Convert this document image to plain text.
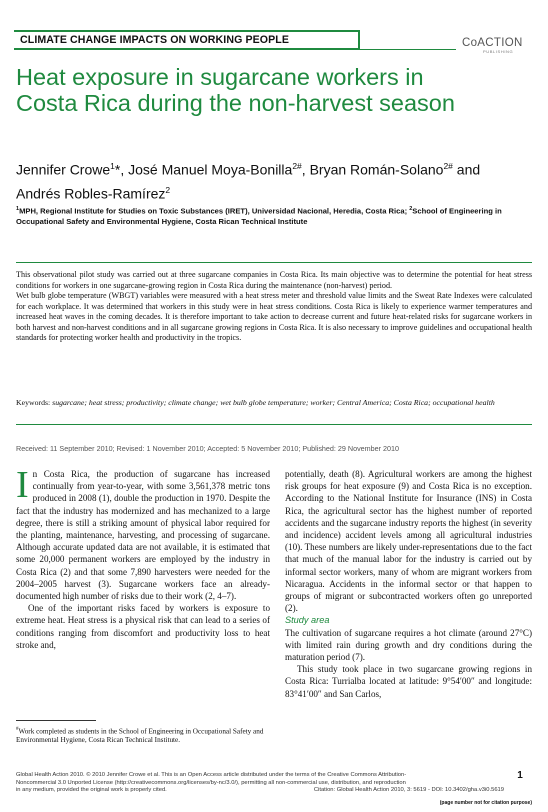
CLIMATE CHANGE IMPACTS ON WORKING PEOPLE	CoACTION
PUBLISHING
Heat exposure in sugarcane workers in Costa Rica during the non-harvest season
Jennifer Crowe$^1$*, José Manuel Moya-Bonilla$^{2\#}$, Bryan Román-Solano$^{2\#}$ and Andrés Robles-Ramírez$^2$
$^1$MPH, Regional Institute for Studies on Toxic Substances (IRET), Universidad Nacional, Heredia, Costa Rica; $^2$School of Engineering in Occupational Safety and Environmental Hygiene, Costa Rican Technical Institute

This observational pilot study was carried out at three sugarcane companies in Costa Rica. Its main objective was to determine the potential for heat stress conditions for workers in one sugarcane-growing region in Costa Rica during the maintenance (non-harvest) period.

Wet bulb globe temperature (WBGT) variables were measured with a heat stress meter and threshold value limits and the Sweat Rate Indexes were calculated for each workplace. It was determined that workers in this study were in heat stress conditions. Costa Rica is likely to experience warmer temperatures and increased heat waves in the coming decades. It is therefore important to take action to decrease current and future heat-related risks for sugarcane workers in both harvest and non-harvest conditions and in all sugarcane growing regions in Costa Rica. It is also necessary to improve guidelines and occupational health standards for protecting worker health and productivity in the tropics.

Keywords: sugarcane; heat stress; productivity; climate change; wet bulb globe temperature; worker; Central America; Costa Rica; occupational health
Received: 11 September 2010; Revised: 1 November 2010; Accepted: 5 November 2010; Published: 29 November 2010
I n Costa Rica, the production of sugarcane has increased continually from year-to-year, with some 3,561,378 metric tons produced in 2008 (1), double the production in 1970. Despite the fact that the industry has modernized and has mechanized to a large degree, there is still a striking amount of physical labor required for the planting, maintenance, harvesting, and processing of sugarcane. Although accurate updated data are not available, it is estimated that some 20,000 permanent workers are employed by the industry in Costa Rica (2) and that some 7,890 harvesters were needed for the 2004–2005 harvest (3). Sugarcane workers face an already-documented high number of risks due to their work (2, 4–7).

One of the important risks faced by workers is exposure to extreme heat. Heat stress is a physical risk that can lead to a series of conditions ranging from discomfort and productivity loss to heat stroke and,

#Work completed as students in the School of Engineering in Occupational Safety and Environmental Hygiene, Costa Rican Technical Institute.

potentially, death (8). Agricultural workers are among the highest risk groups for heat exposure (9) and Costa Rica is no exception. According to the National Institute for Insurance (INS) in Costa Rica, the agricultural sector has the highest number of reported accidents and the sugarcane industry reports the highest (in severity and incidence) accident levels among all agricultural industries (10). These numbers are likely under-representations due to the fact that much of the manual labor for the industry is carried out by informal sector workers, many of whom are migrant workers from Nicaragua. Accidents in the informal sector or that happen to groups of migrant or subcontracted workers often go unreported (2).

Study area

The cultivation of sugarcane requires a hot climate (around 27°C) with limited rain during growth and dry conditions during the maturation period (7).

This study took place in two sugarcane growing regions in Costa Rica: Turrialba located at latitude: 9°54′00″ and longitude: 83°41′00″ and San Carlos,

Global Health Action 2010. © 2010 Jennifer Crowe et al. This is an Open Access article distributed under the terms of the Creative Commons Attribution-
Noncommercial 3.0 Unported License (http://creativecommons.org/licenses/by-nc/3.0/), permitting all non-commercial use, distribution, and reproduction
in any medium, provided the original work is properly cited.	Citation: Global Health Action 2010, 3: 5619 - DOI: 10.3402/gha.v3i0.5619
1
(page number not for citation purpose)
